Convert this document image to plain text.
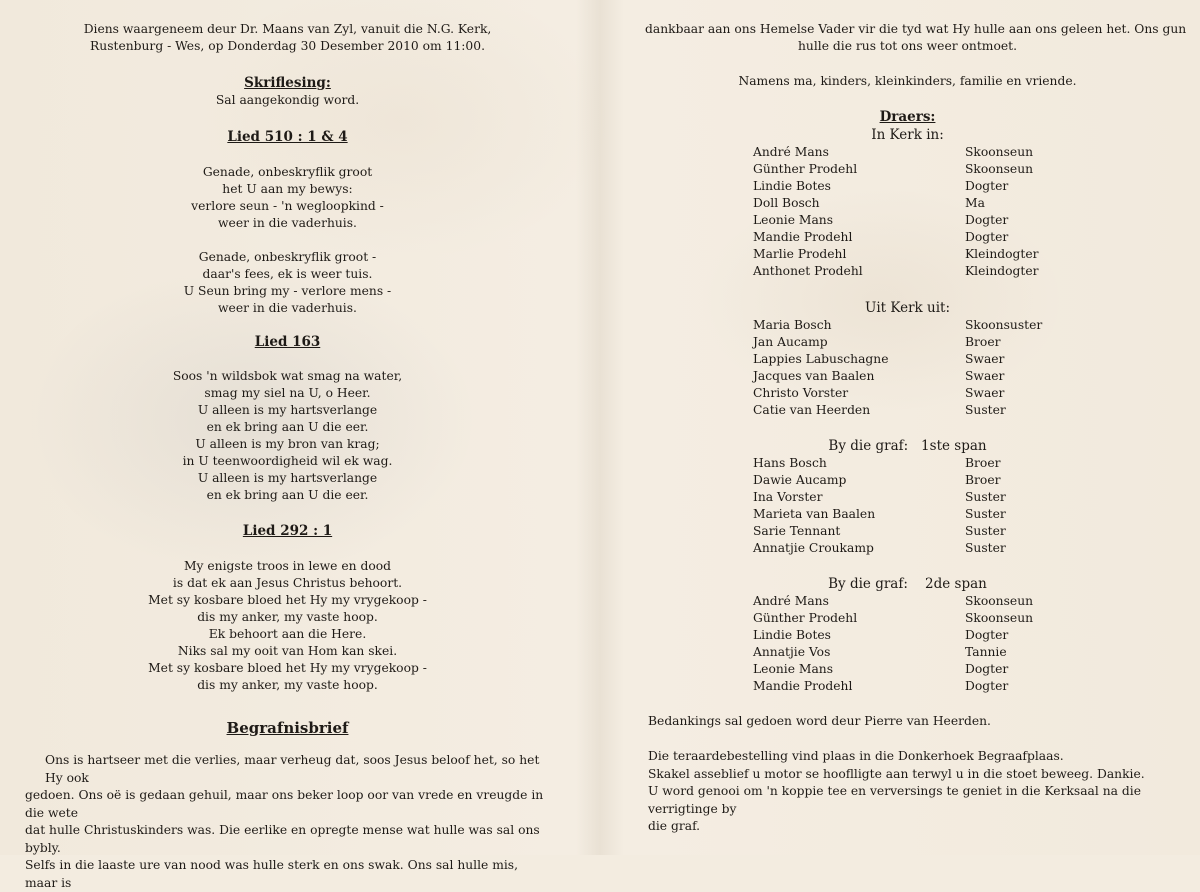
Diens waargeneem deur Dr. Maans van Zyl, vanuit die N.G. Kerk,
Rustenburg - Wes, op Donderdag 30 Desember 2010 om 11:00.
Skriflesing:
Sal aangekondig word.
Lied 510 : 1 & 4
Genade, onbeskryflik groot
het U aan my bewys:
verlore seun - 'n wegloopkind -
weer in die vaderhuis.
Genade, onbeskryflik groot -
daar's fees, ek is weer tuis.
U Seun bring my - verlore mens -
weer in die vaderhuis.
Lied 163
Soos 'n wildsbok wat smag na water,
smag my siel na U, o Heer.
U alleen is my hartsverlange
en ek bring aan U die eer.
U alleen is my bron van krag;
in U teenwoordigheid wil ek wag.
U alleen is my hartsverlange
en ek bring aan U die eer.
Lied 292 : 1
My enigste troos in lewe en dood
is dat ek aan Jesus Christus behoort.
Met sy kosbare bloed het Hy my vrygekoop -
dis my anker, my vaste hoop.
Ek behoort aan die Here.
Niks sal my ooit van Hom kan skei.
Met sy kosbare bloed het Hy my vrygekoop -
dis my anker, my vaste hoop.
Begrafnisbrief
Ons is hartseer met die verlies, maar verheug dat, soos Jesus beloof het, so het Hy ook
gedoen. Ons oë is gedaan gehuil, maar ons beker loop oor van vrede en vreugde in die wete
dat hulle Christuskinders was. Die eerlike en opregte mense wat hulle was sal ons bybly.
Selfs in die laaste ure van nood was hulle sterk en ons swak. Ons sal hulle mis, maar is
dankbaar aan ons Hemelse Vader vir die tyd wat Hy hulle aan ons geleen het. Ons gun
hulle die rus tot ons weer ontmoet.
Namens ma, kinders, kleinkinders, familie en vriende.
Draers:
In Kerk in:
André Mans	Skoonseun
Günther Prodehl	Skoonseun
Lindie Botes	Dogter
Doll Bosch	Ma
Leonie Mans	Dogter
Mandie Prodehl	Dogter
Marlie Prodehl	Kleindogter
Anthonet Prodehl	Kleindogter
Uit Kerk uit:
Maria Bosch	Skoonsuster
Jan Aucamp	Broer
Lappies Labuschagne	Swaer
Jacques van Baalen	Swaer
Christo Vorster	Swaer
Catie van Heerden	Suster
By die graf:   1ste span
Hans Bosch	Broer
Dawie Aucamp	Broer
Ina Vorster	Suster
Marieta van Baalen	Suster
Sarie Tennant	Suster
Annatjie Croukamp	Suster
By die graf:    2de span
André Mans	Skoonseun
Günther Prodehl	Skoonseun
Lindie Botes	Dogter
Annatjie Vos	Tannie
Leonie Mans	Dogter
Mandie Prodehl	Dogter
Bedankings sal gedoen word deur Pierre van Heerden.
Die teraardebestelling vind plaas in die Donkerhoek Begraafplaas.
Skakel asseblief u motor se hooflligte aan terwyl u in die stoet beweeg. Dankie.
U word genooi om 'n koppie tee en verversings te geniet in die Kerksaal na die verrigtinge by
die graf.
